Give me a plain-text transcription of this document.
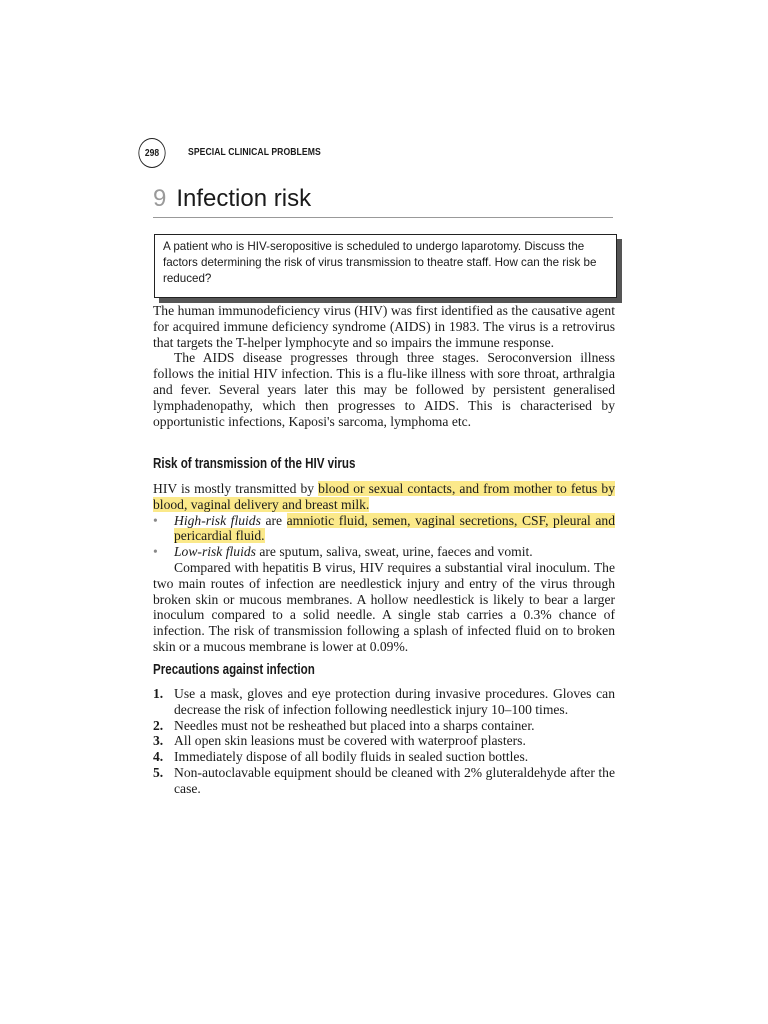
298	SPECIAL CLINICAL PROBLEMS
9 Infection risk
A patient who is HIV-seropositive is scheduled to undergo laparotomy. Discuss the factors determining the risk of virus transmission to theatre staff. How can the risk be reduced?

The human immunodeficiency virus (HIV) was first identified as the causative agent for acquired immune deficiency syndrome (AIDS) in 1983. The virus is a retrovirus that targets the T-helper lymphocyte and so impairs the immune response.

The AIDS disease progresses through three stages. Seroconversion illness follows the initial HIV infection. This is a flu-like illness with sore throat, arthralgia and fever. Several years later this may be followed by persistent generalised lymphadenopathy, which then progresses to AIDS. This is characterised by opportunistic infections, Kaposi's sarcoma, lymphoma etc.

Risk of transmission of the HIV virus

HIV is mostly transmitted by blood or sexual contacts, and from mother to fetus by blood, vaginal delivery and breast milk.

• High-risk fluids are amniotic fluid, semen, vaginal secretions, CSF, pleural and pericardial fluid.
• Low-risk fluids are sputum, saliva, sweat, urine, faeces and vomit.

Compared with hepatitis B virus, HIV requires a substantial viral inoculum. The two main routes of infection are needlestick injury and entry of the virus through broken skin or mucous membranes. A hollow needlestick is likely to bear a larger inoculum compared to a solid needle. A single stab carries a 0.3% chance of infection. The risk of transmission following a splash of infected fluid on to broken skin or a mucous membrane is lower at 0.09%.

Precautions against infection
1. Use a mask, gloves and eye protection during invasive procedures. Gloves can decrease the risk of infection following needlestick injury 10–100 times.
2. Needles must not be resheathed but placed into a sharps container.
3. All open skin leasions must be covered with waterproof plasters.
4. Immediately dispose of all bodily fluids in sealed suction bottles.
5. Non-autoclavable equipment should be cleaned with 2% gluteraldehyde after the case.
